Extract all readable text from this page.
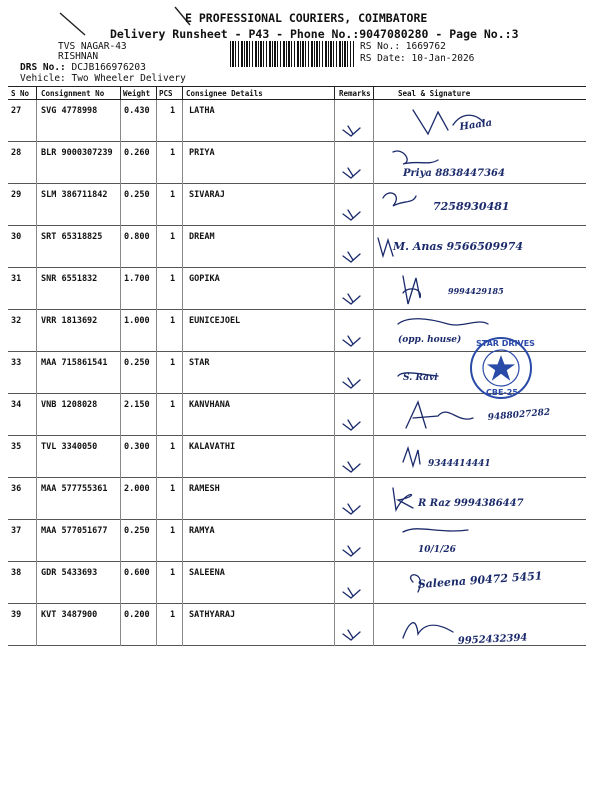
E PROFESSIONAL COURIERS, COIMBATORE
Delivery Runsheet - P43 - Phone No.:9047080280 - Page No.:3
RS No.: 1669762
RS Date: 10-Jan-2026
TVS NAGAR-43
RISHNAN
DRS No.: DCJB166976203
Vehicle: Two Wheeler Delivery
S No Consignment No	Weight PCS Consignee Details	Remarks	Seal & Signature
27 SVG 4778998	0.430 1 LATHA
Haala
28 BLR 9000307239 0.260 1 PRIYA
Priya 8838447364
29 SLM 386711842 0.250 1 SIVARAJ
7258930481
30 SRT 65318825	0.800 1 DREAM
M. Anas 9566509974
31 SNR 6551832	1.700 1 GOPIKA
9994429185
32 VRR 1813692	1.000 1 EUNICEJOEL
(opp. house)
33 MAA 715861541 0.250 1 STAR
S. Ravi
STAR DRIVES
CBE-25
34 VNB 1208028	2.150 1 KANVHANA
9488027282
35 TVL 3340050	0.300 1 KALAVATHI
9344414441
36 MAA 577755361 2.000 1 RAMESH
R Raz 9994386447
37 MAA 577051677 0.250 1 RAMYA
10/1/26
38 GDR 5433693	0.600 1 SALEENA	Saleena 90472 5451
39 KVT 3487900	0.200 1 SATHYARAJ
9952432394
